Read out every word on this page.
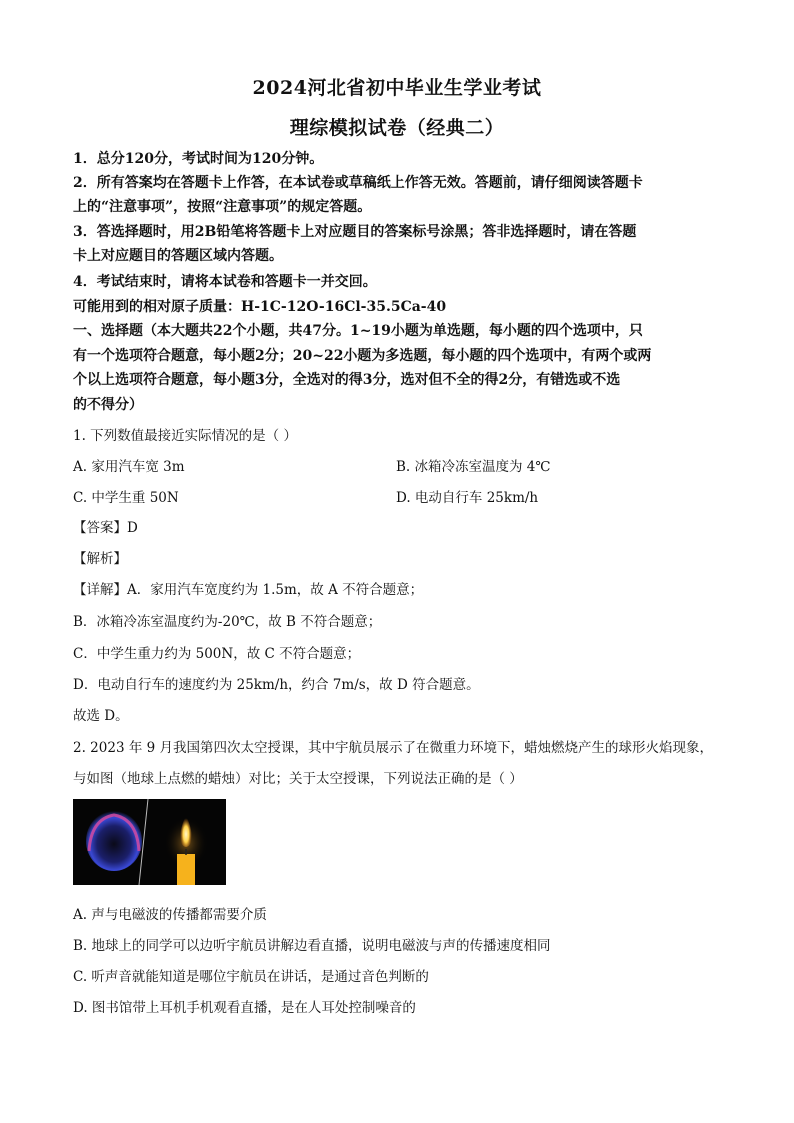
2024河北省初中毕业生学业考试
理综模拟试卷（经典二）
1．总分120分，考试时间为120分钟。
2．所有答案均在答题卡上作答，在本试卷或草稿纸上作答无效。答题前，请仔细阅读答题卡
上的“注意事项”，按照“注意事项”的规定答题。
3．答选择题时，用2B铅笔将答题卡上对应题目的答案标号涂黑；答非选择题时，请在答题
卡上对应题目的答题区域内答题。
4．考试结束时，请将本试卷和答题卡一并交回。
可能用到的相对原子质量：H-1C-12O-16Cl-35.5Ca-40
一、选择题（本大题共22个小题，共47分。1~19小题为单选题，每小题的四个选项中，只
有一个选项符合题意，每小题2分；20~22小题为多选题，每小题的四个选项中，有两个或两
个以上选项符合题意，每小题3分，全选对的得3分，选对但不全的得2分，有错选或不选
的不得分）
1. 下列数值最接近实际情况的是（ ）
A. 家用汽车宽 3m	B. 冰箱冷冻室温度为 4℃
C. 中学生重 50N	D. 电动自行车 25km/h
【答案】D
【解析】
【详解】A．家用汽车宽度约为 1.5m，故 A 不符合题意；
B．冰箱冷冻室温度约为-20℃，故 B 不符合题意；
C．中学生重力约为 500N，故 C 不符合题意；
D．电动自行车的速度约为 25km/h，约合 7m/s，故 D 符合题意。
故选 D。
2. 2023 年 9 月我国第四次太空授课，其中宇航员展示了在微重力环境下，蜡烛燃烧产生的球形火焰现象，
与如图（地球上点燃的蜡烛）对比；关于太空授课，下列说法正确的是（ ）
A. 声与电磁波的传播都需要介质
B. 地球上的同学可以边听宇航员讲解边看直播，说明电磁波与声的传播速度相同
C. 听声音就能知道是哪位宇航员在讲话，是通过音色判断的
D. 图书馆带上耳机手机观看直播，是在人耳处控制噪音的
